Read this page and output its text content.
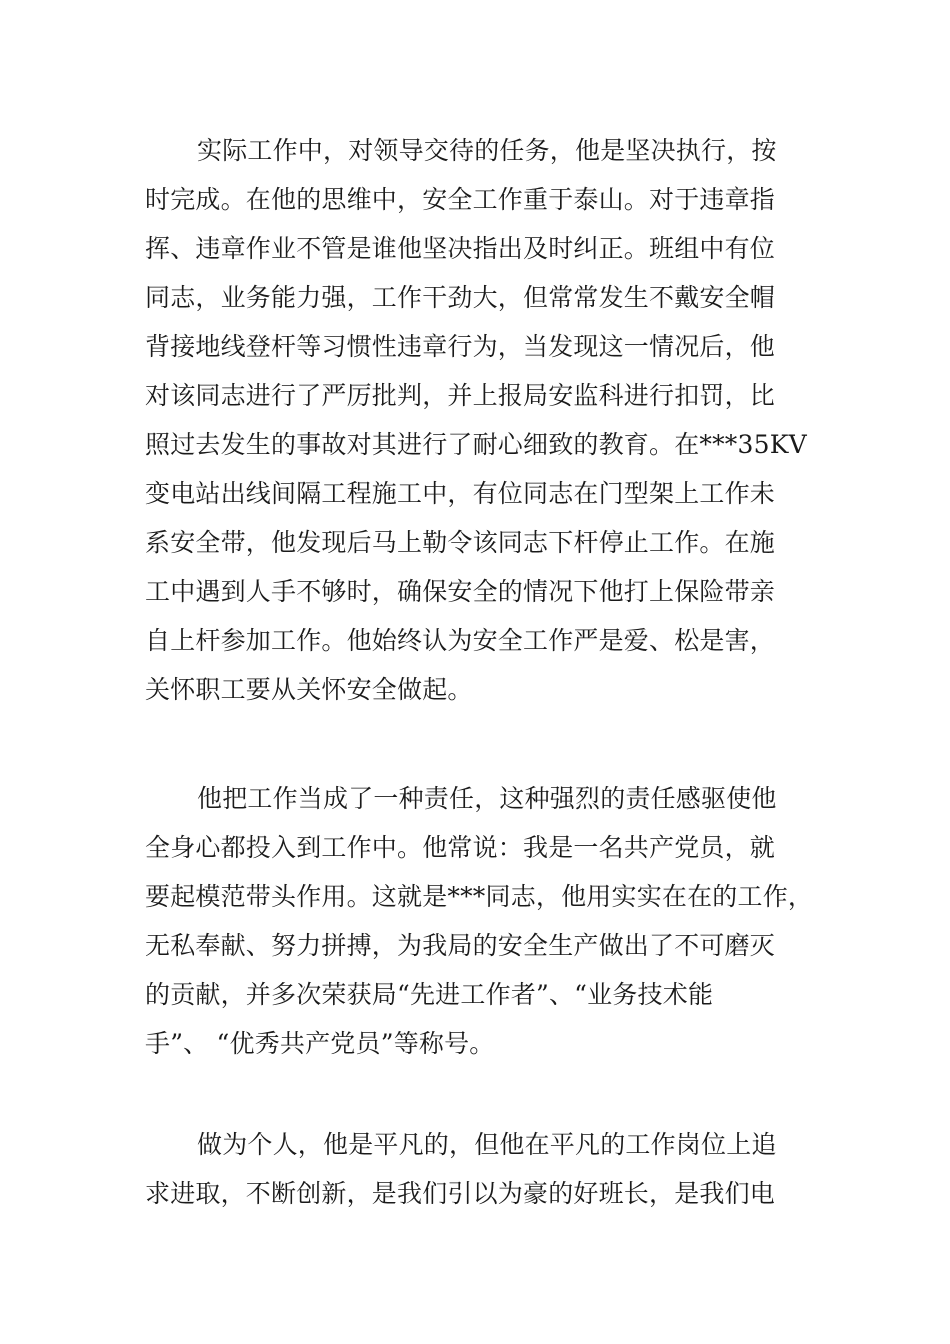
实际工作中，对领导交待的任务，他是坚决执行，按
时完成。在他的思维中，安全工作重于泰山。对于违章指
挥、违章作业不管是谁他坚决指出及时纠正。班组中有位
同志，业务能力强，工作干劲大，但常常发生不戴安全帽
背接地线登杆等习惯性违章行为，当发现这一情况后，他
对该同志进行了严厉批判，并上报局安监科进行扣罚，比
照过去发生的事故对其进行了耐心细致的教育。在***35KV
变电站出线间隔工程施工中，有位同志在门型架上工作未
系安全带，他发现后马上勒令该同志下杆停止工作。在施
工中遇到人手不够时，确保安全的情况下他打上保险带亲
自上杆参加工作。他始终认为安全工作严是爱、松是害，
关怀职工要从关怀安全做起。
他把工作当成了一种责任，这种强烈的责任感驱使他
全身心都投入到工作中。他常说：我是一名共产党员，就
要起模范带头作用。这就是***同志，他用实实在在的工作，
无私奉献、努力拼搏，为我局的安全生产做出了不可磨灭
的贡献，并多次荣获局“先进工作者”、“业务技术能
手”、 “优秀共产党员”等称号。
做为个人，他是平凡的，但他在平凡的工作岗位上追
求进取，不断创新，是我们引以为豪的好班长，是我们电
